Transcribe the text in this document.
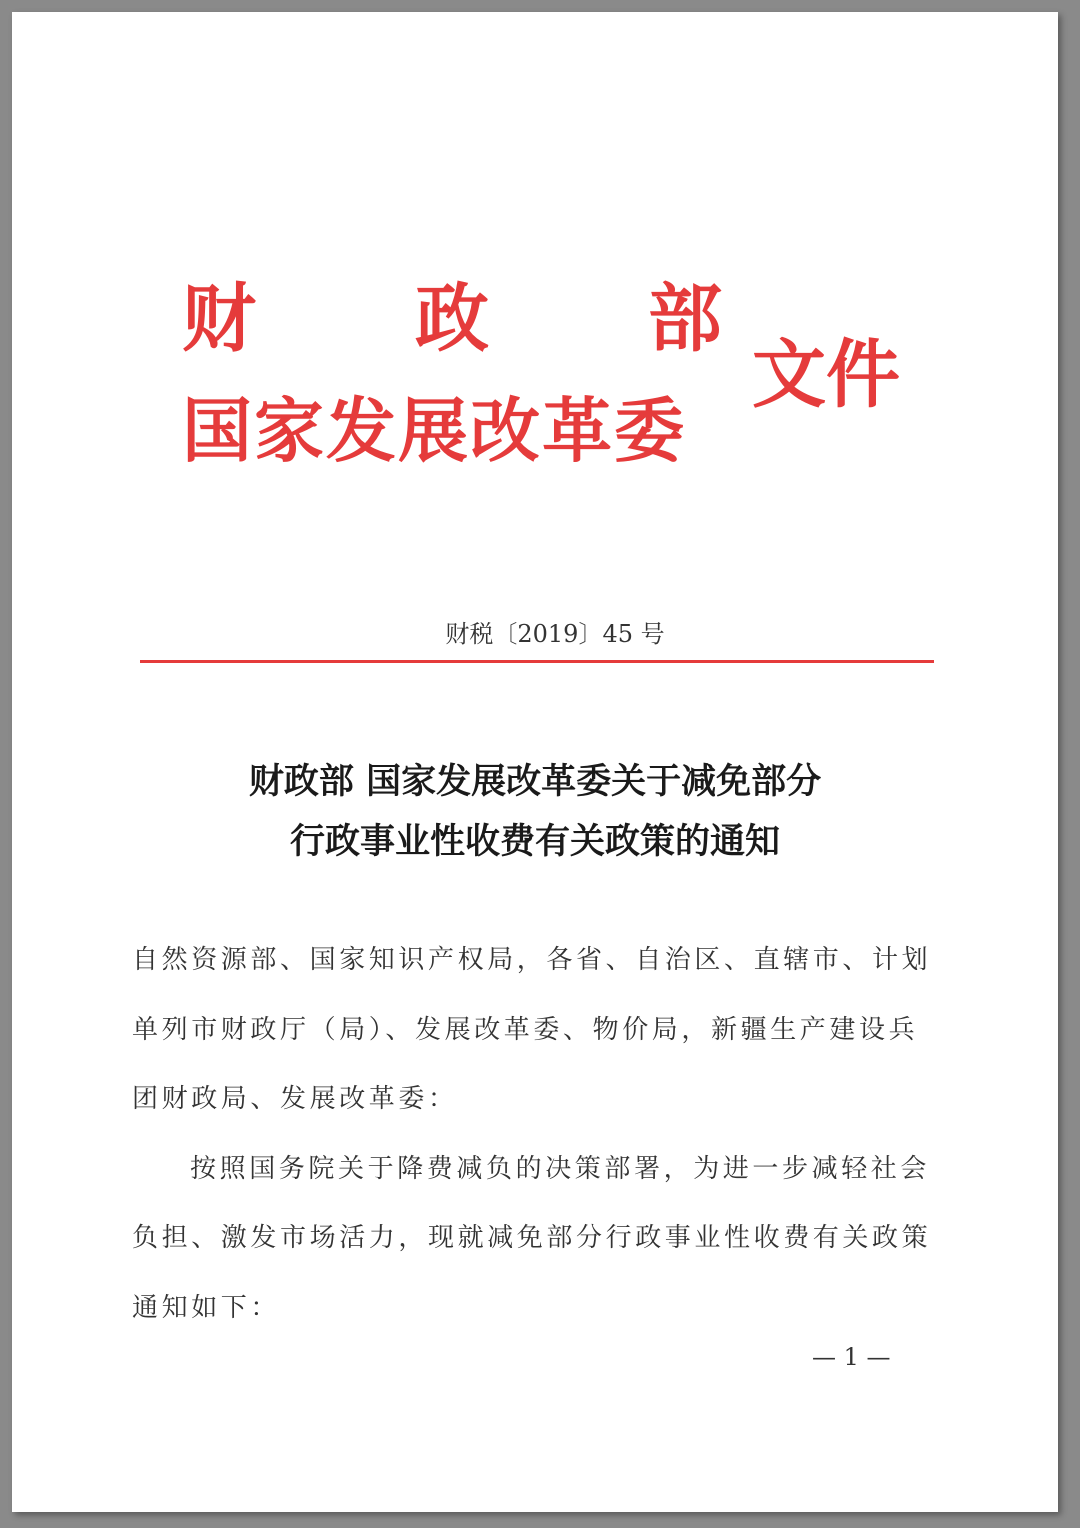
财 政 部
国家发展改革委
文件
财税〔2019〕45 号
财政部 国家发展改革委关于减免部分
行政事业性收费有关政策的通知

自然资源部、国家知识产权局，各省、自治区、直辖市、计划单列市财政厅（局）、发展改革委、物价局，新疆生产建设兵团财政局、发展改革委：

按照国务院关于降费减负的决策部署，为进一步减轻社会负担、激发市场活力，现就减免部分行政事业性收费有关政策通知如下：

— 1 —
